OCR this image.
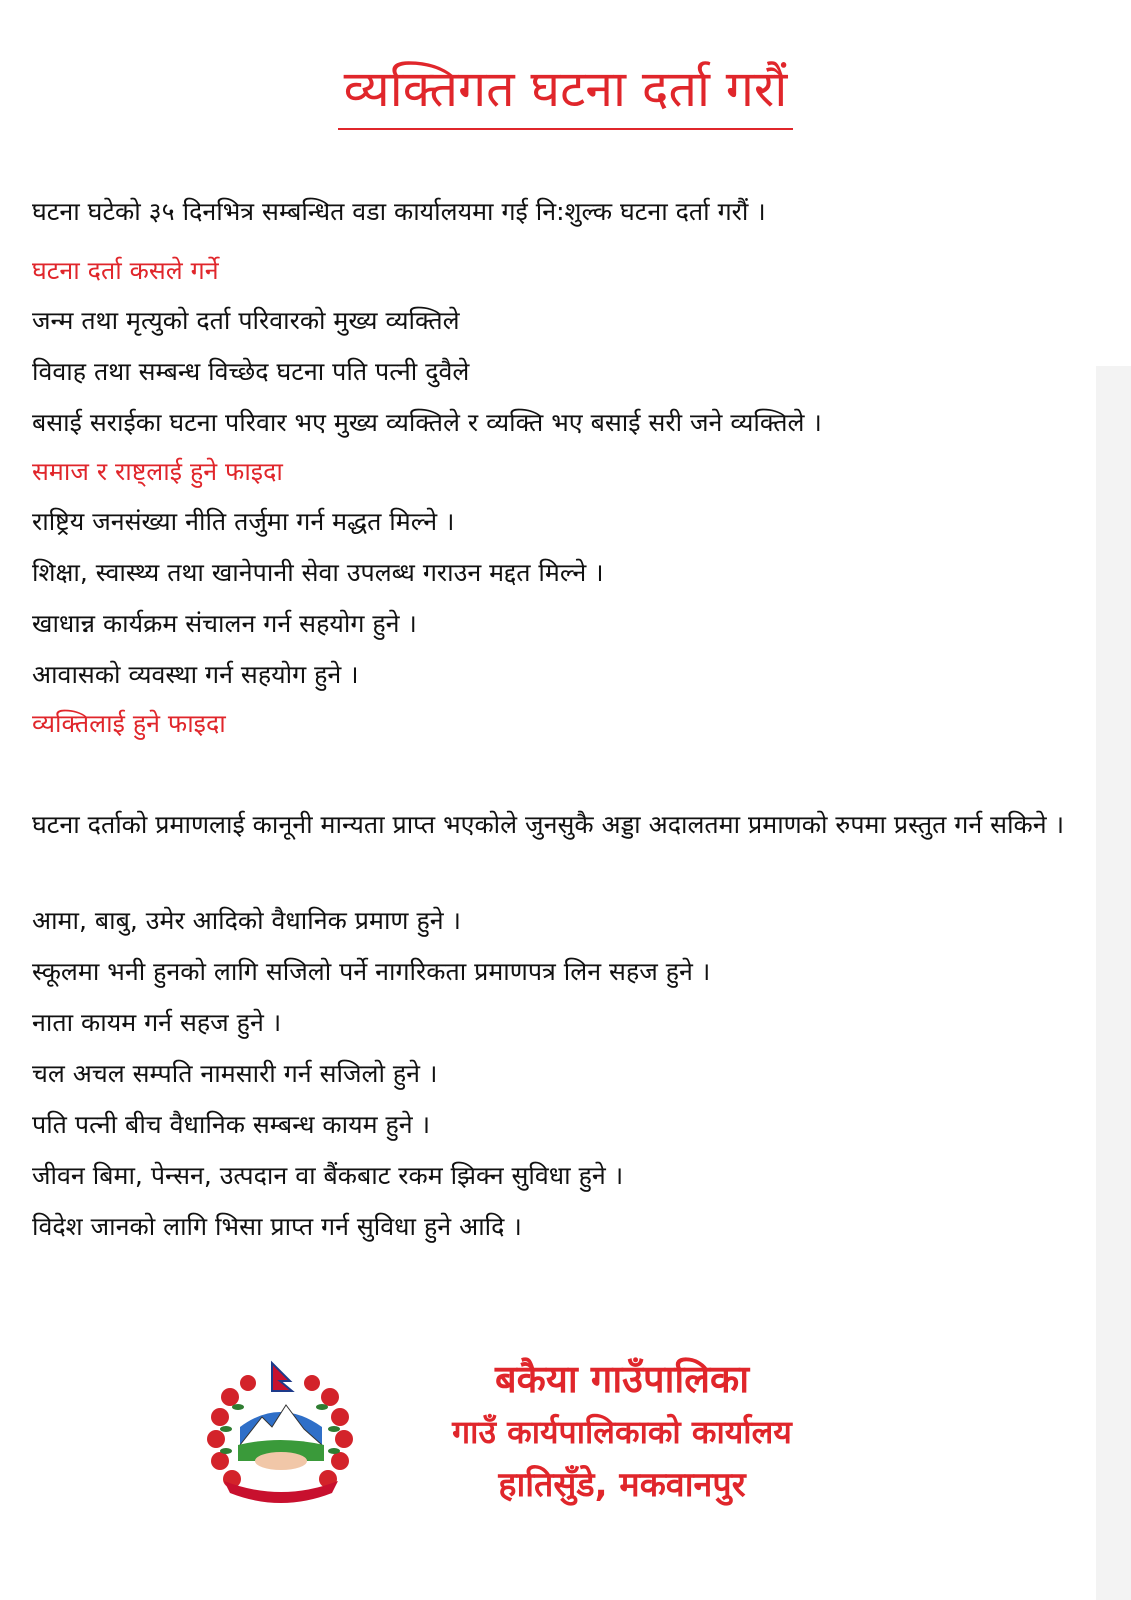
व्यक्तिगत घटना दर्ता गरौं

घटना घटेको ३५ दिनभित्र सम्बन्धित वडा कार्यालयमा गई नि:शुल्क घटना दर्ता गरौं ।

घटना दर्ता कसले गर्ने

जन्म तथा मृत्युको दर्ता परिवारको मुख्य व्यक्तिले

विवाह तथा सम्बन्ध विच्छेद घटना पति पत्नी दुवैले

बसाई सराईका घटना परिवार भए मुख्य व्यक्तिले र व्यक्ति भए बसाई सरी जने व्यक्तिले ।

समाज र राष्ट्लाई हुने फाइदा

राष्ट्रिय जनसंख्या नीति तर्जुमा गर्न मद्धत मिल्ने ।

शिक्षा, स्वास्थ्य तथा खानेपानी सेवा उपलब्ध गराउन मद्दत मिल्ने ।

खाधान्न कार्यक्रम संचालन गर्न सहयोग हुने ।

आवासको व्यवस्था गर्न सहयोग हुने ।

व्यक्तिलाई हुने फाइदा

घटना दर्ताको प्रमाणलाई कानूनी मान्यता प्राप्त भएकोले जुनसुकै अड्डा अदालतमा प्रमाणको रुपमा प्रस्तुत गर्न सकिने ।

आमा, बाबु, उमेर आदिको वैधानिक प्रमाण हुने ।

स्कूलमा भनी हुनको लागि सजिलो पर्ने नागरिकता प्रमाणपत्र लिन सहज हुने ।

नाता कायम गर्न सहज हुने ।

चल अचल सम्पति नामसारी गर्न सजिलो हुने ।

पति पत्नी बीच वैधानिक सम्बन्ध कायम हुने ।

जीवन बिमा, पेन्सन, उत्पदान वा बैंकबाट रकम झिक्न सुविधा हुने ।

विदेश जानको लागि भिसा प्राप्त गर्न सुविधा हुने आदि ।

बकैया गाउँपालिका
गाउँ कार्यपालिकाको कार्यालय
हातिसुँडे, मकवानपुर
